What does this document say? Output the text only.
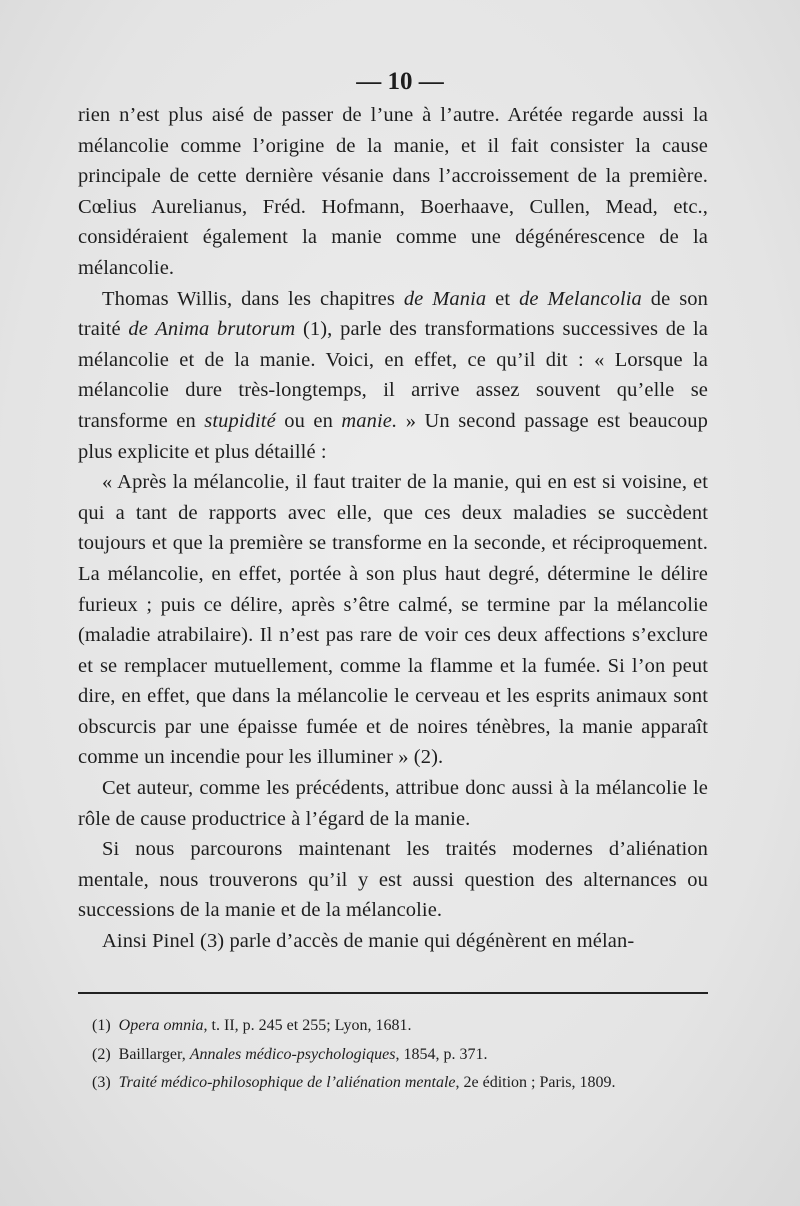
— 10 —

rien n’est plus aisé de passer de l’une à l’autre. Arétée regarde aussi la mélancolie comme l’origine de la manie, et il fait consister la cause principale de cette dernière vésanie dans l’accroissement de la première. Cœlius Aurelianus, Fréd. Hofmann, Boerhaave, Cullen, Mead, etc., considéraient également la manie comme une dégénérescence de la mélancolie.

Thomas Willis, dans les chapitres de Mania et de Melancolia de son traité de Anima brutorum (1), parle des transformations successives de la mélancolie et de la manie. Voici, en effet, ce qu’il dit : « Lorsque la mélancolie dure très-longtemps, il arrive assez souvent qu’elle se transforme en stupidité ou en manie. » Un second passage est beaucoup plus explicite et plus détaillé :

« Après la mélancolie, il faut traiter de la manie, qui en est si voisine, et qui a tant de rapports avec elle, que ces deux maladies se succèdent toujours et que la première se transforme en la seconde, et réciproquement. La mélancolie, en effet, portée à son plus haut degré, détermine le délire furieux ; puis ce délire, après s’être calmé, se termine par la mélancolie (maladie atrabilaire). Il n’est pas rare de voir ces deux affections s’exclure et se remplacer mutuellement, comme la flamme et la fumée. Si l’on peut dire, en effet, que dans la mélancolie le cerveau et les esprits animaux sont obscurcis par une épaisse fumée et de noires ténèbres, la manie apparaît comme un incendie pour les illuminer » (2).

Cet auteur, comme les précédents, attribue donc aussi à la mélancolie le rôle de cause productrice à l’égard de la manie.

Si nous parcourons maintenant les traités modernes d’aliénation mentale, nous trouverons qu’il y est aussi question des alternances ou successions de la manie et de la mélancolie.

Ainsi Pinel (3) parle d’accès de manie qui dégénèrent en mélan-

(1) Opera omnia, t. II, p. 245 et 255; Lyon, 1681.

(2) Baillarger, Annales médico-psychologiques, 1854, p. 371.

(3) Traité médico-philosophique de l’aliénation mentale, 2e édition ; Paris, 1809.
